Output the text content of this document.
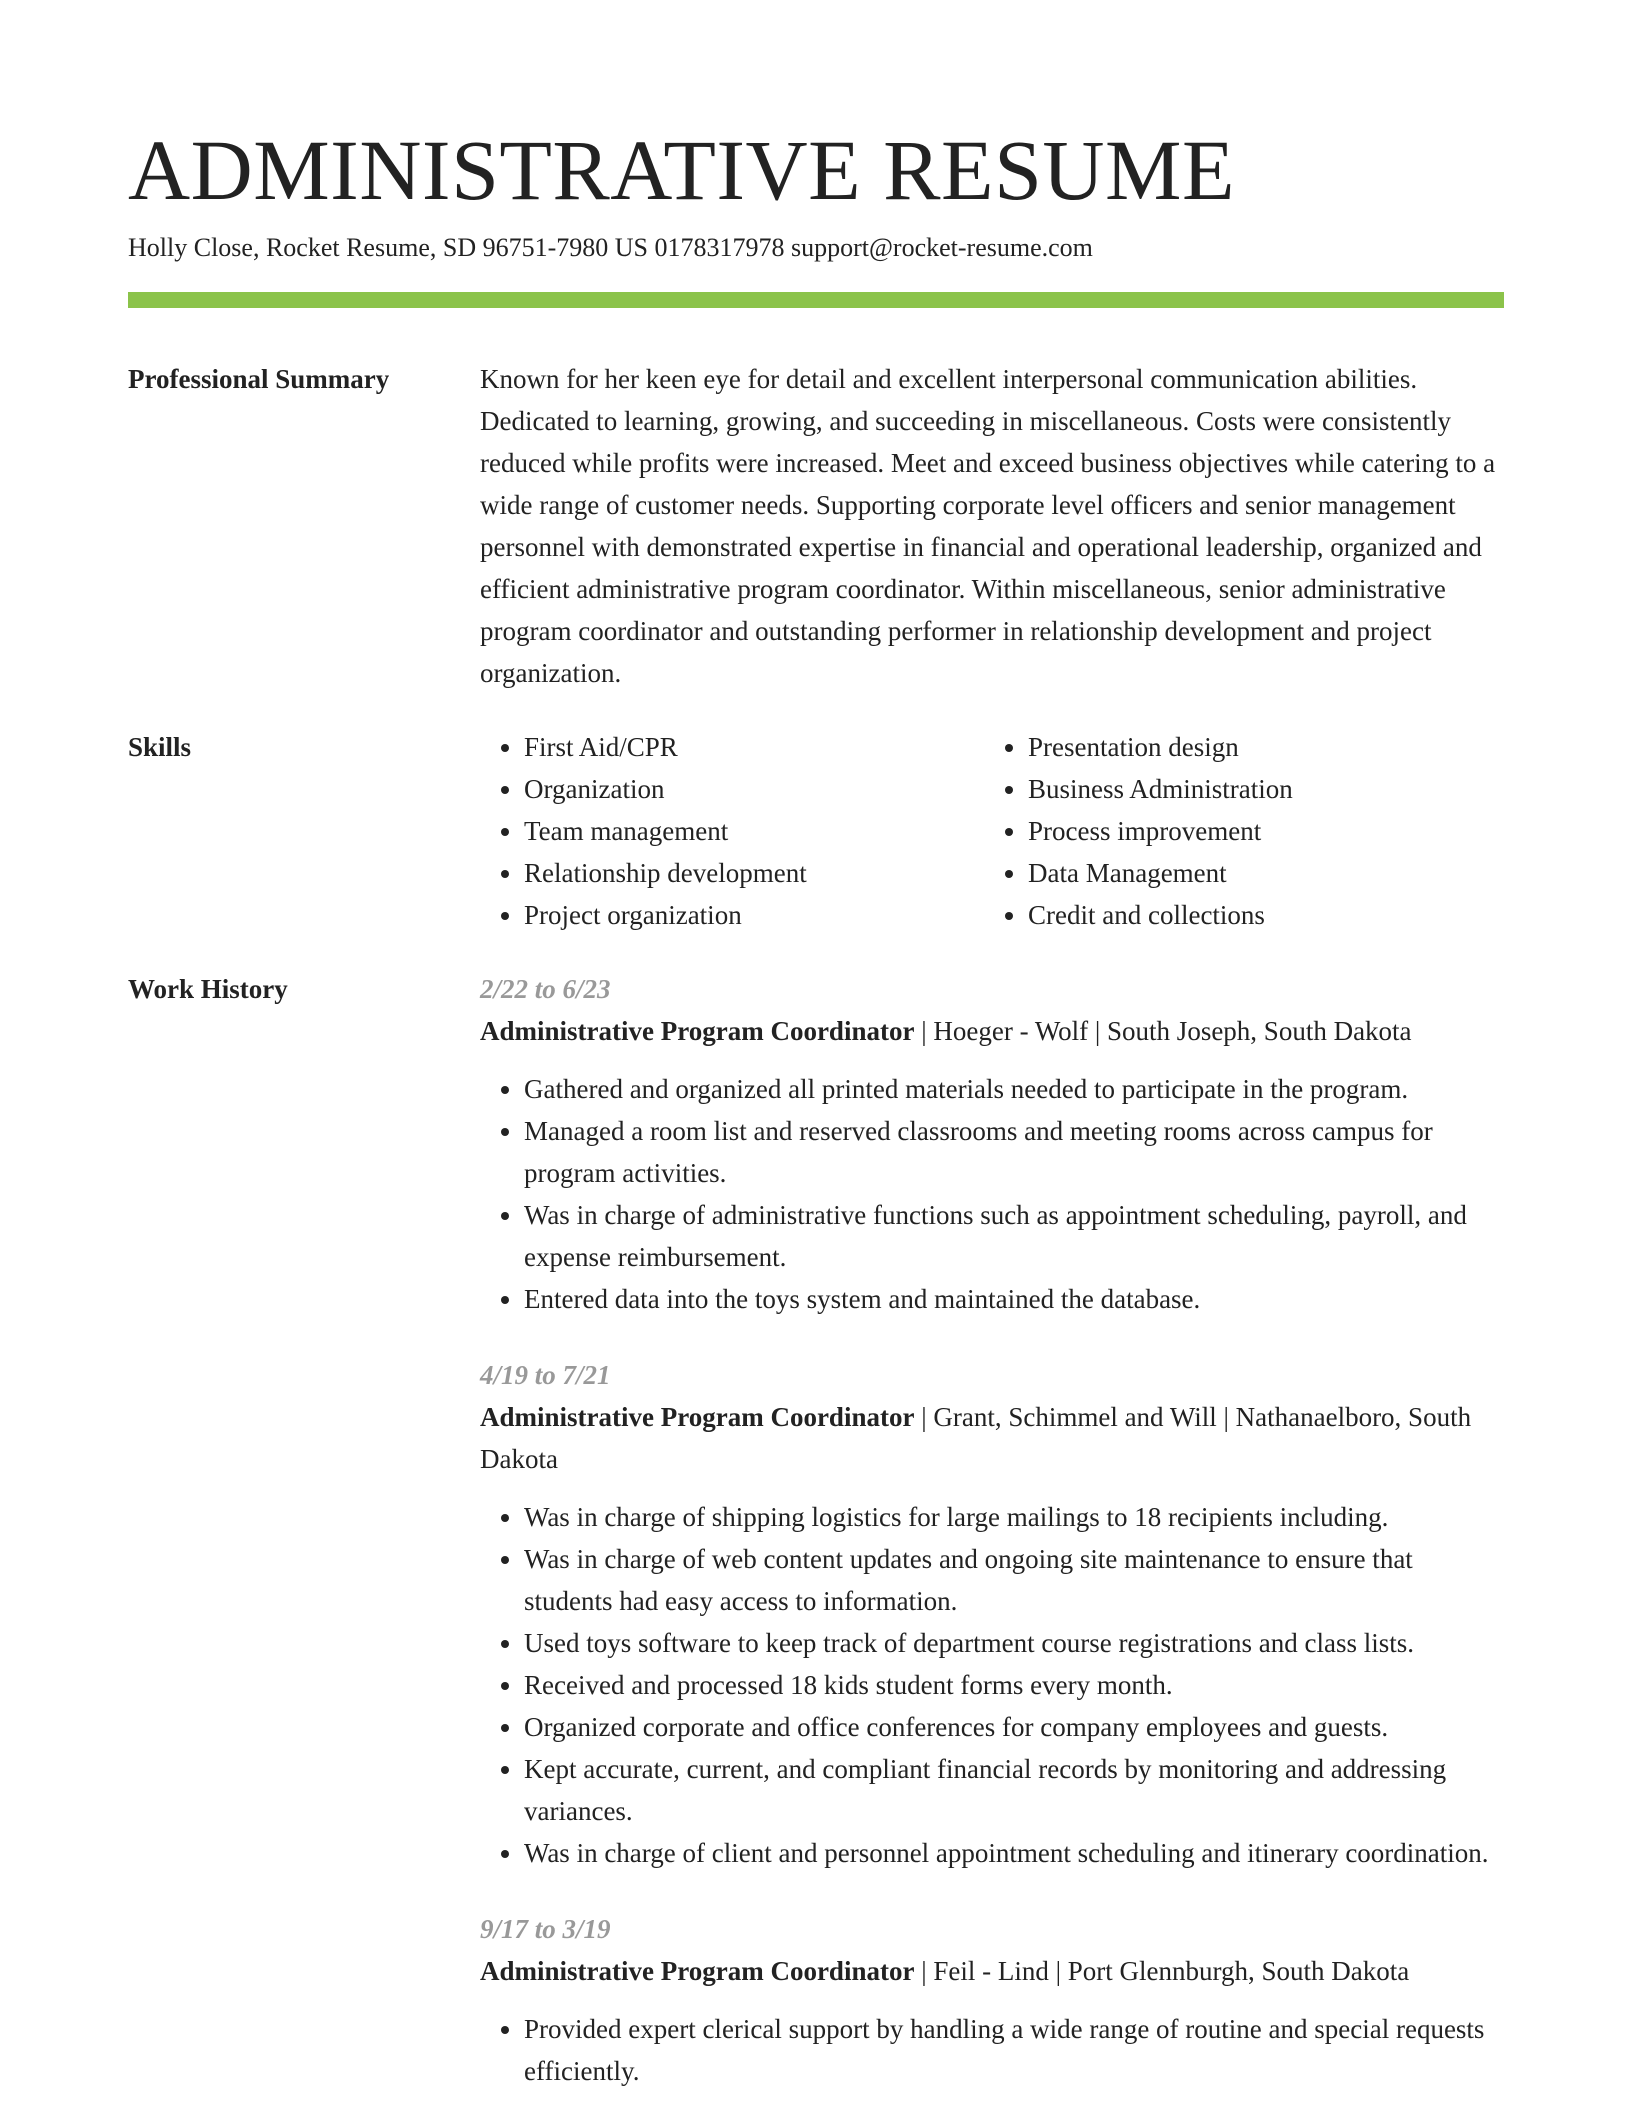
ADMINISTRATIVE RESUME
Holly Close, Rocket Resume, SD 96751-7980 US 0178317978 support@rocket-resume.com
Professional Summary	Known for her keen eye for detail and excellent interpersonal communication abilities. Dedicated to learning, growing, and succeeding in miscellaneous. Costs were consistently reduced while profits were increased. Meet and exceed business objectives while catering to a wide range of customer needs. Supporting corporate level officers and senior management personnel with demonstrated expertise in financial and operational leadership, organized and efficient administrative program coordinator. Within miscellaneous, senior administrative program coordinator and outstanding performer in relationship development and project organization.

Skills
•	First Aid/CPR
• Organization
• Team management
• Relationship development
• Project organization
• Presentation design
• Business Administration
• Process improvement
• Data Management
• Credit and collections
Work History	2/22 to 6/23
Administrative Program Coordinator | Hoeger - Wolf | South Joseph, South Dakota
• Gathered and organized all printed materials needed to participate in the program.
• Managed a room list and reserved classrooms and meeting rooms across campus for program activities.
• Was in charge of administrative functions such as appointment scheduling, payroll, and expense reimbursement.
• Entered data into the toys system and maintained the database.
4/19 to 7/21
Administrative Program Coordinator | Grant, Schimmel and Will | Nathanaelboro, South Dakota
• Was in charge of shipping logistics for large mailings to 18 recipients including.
• Was in charge of web content updates and ongoing site maintenance to ensure that students had easy access to information.
• Used toys software to keep track of department course registrations and class lists.
• Received and processed 18 kids student forms every month.
• Organized corporate and office conferences for company employees and guests.
• Kept accurate, current, and compliant financial records by monitoring and addressing variances.
• Was in charge of client and personnel appointment scheduling and itinerary coordination.
9/17 to 3/19
Administrative Program Coordinator | Feil - Lind | Port Glennburgh, South Dakota
• Provided expert clerical support by handling a wide range of routine and special requests efficiently.
